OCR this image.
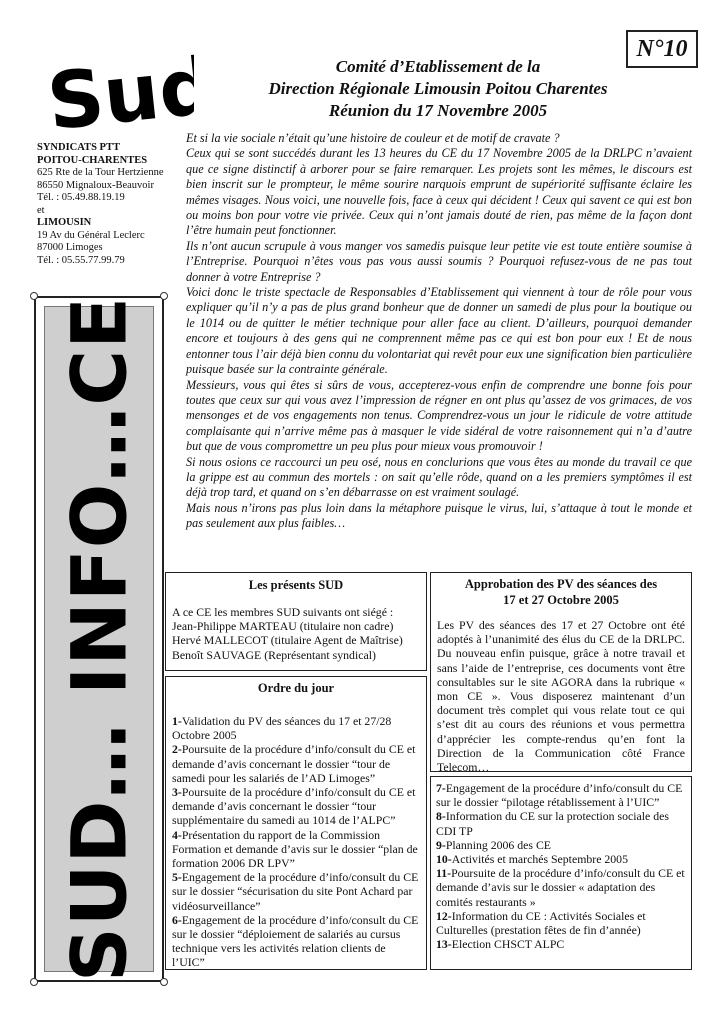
Sud	N°10
Comité d’Etablissement de la
Direction Régionale Limousin Poitou Charentes
Réunion du 17 Novembre 2005
SYNDICATS PTT
POITOU-CHARENTES
625 Rte de la Tour Hertzienne
86550 Mignaloux-Beauvoir
Tél. : 05.49.88.19.19
et
LIMOUSIN
19 Av du Général Leclerc
87000 Limoges
Tél. : 05.55.77.99.79
SUD… INFO…CE

Et si la vie sociale n’était qu’une histoire de couleur et de motif de cravate ?

Ceux qui se sont succédés durant les 13 heures du CE du 17 Novembre 2005 de la DRLPC n’avaient que ce signe distinctif à arborer pour se faire remarquer. Les projets sont les mêmes, le discours est bien inscrit sur le prompteur, le même sourire narquois emprunt de supériorité suffisante éclaire les mêmes visages. Nous voici, une nouvelle fois, face à ceux qui décident ! Ceux qui savent ce qui est bon ou moins bon pour votre vie privée. Ceux qui n’ont jamais douté de rien, pas même de la façon dont l’être humain peut fonctionner.

Ils n’ont aucun scrupule à vous manger vos samedis puisque leur petite vie est toute entière soumise à l’Entreprise. Pourquoi n’êtes vous pas vous aussi soumis ? Pourquoi refusez-vous de ne pas tout donner à votre Entreprise ?

Voici donc le triste spectacle de Responsables d’Etablissement qui viennent à tour de rôle pour vous expliquer qu’il n’y a pas de plus grand bonheur que de donner un samedi de plus pour la boutique ou le 1014 ou de quitter le métier technique pour aller face au client. D’ailleurs, pourquoi demander encore et toujours à des gens qui ne comprennent même pas ce qui est bon pour eux ! Et de nous entonner tous l’air déjà bien connu du volontariat qui revêt pour eux une signification bien particulière puisque basée sur la contrainte générale.

Messieurs, vous qui êtes si sûrs de vous, accepterez-vous enfin de comprendre une bonne fois pour toutes que ceux sur qui vous avez l’impression de régner en ont plus qu’assez de vos grimaces, de vos mensonges et de vos engagements non tenus. Comprendrez-vous un jour le ridicule de votre attitude complaisante qui n’arrive même pas à masquer le vide sidéral de votre raisonnement qui n’a d’autre but que de vous compromettre un peu plus pour mieux vous promouvoir !

Si nous osions ce raccourci un peu osé, nous en conclurions que vous êtes au monde du travail ce que la grippe est au commun des mortels : on sait qu’elle rôde, quand on a les premiers symptômes il est déjà trop tard, et quand on s’en débarrasse on est vraiment soulagé.

Mais nous n’irons pas plus loin dans la métaphore puisque le virus, lui, s’attaque à tout le monde et pas seulement aux plus faibles…

Les présents SUD
A ce CE les membres SUD suivants ont siégé :
Jean-Philippe MARTEAU (titulaire non cadre)
Hervé MALLECOT (titulaire Agent de Maîtrise)
Benoît SAUVAGE (Représentant syndical)
Ordre du jour

1-Validation du PV des séances du 17 et 27/28 Octobre 2005

2-Poursuite de la procédure d’info/consult du CE et demande d’avis concernant le dossier “tour de samedi pour les salariés de l’AD Limoges”

3-Poursuite de la procédure d’info/consult du CE et demande d’avis concernant le dossier “tour supplémentaire du samedi au 1014 de l’ALPC”

4-Présentation du rapport de la Commission Formation et demande d’avis sur le dossier “plan de formation 2006 DR LPV”

5-Engagement de la procédure d’info/consult du CE sur le dossier “sécurisation du site Pont Achard par vidéosurveillance”

6-Engagement de la procédure d’info/consult du CE sur le dossier “déploiement de salariés au cursus technique vers les activités relation clients de l’UIC”

Approbation des PV des séances des
17 et 27 Octobre 2005
Les PV des séances des 17 et 27 Octobre ont été adoptés à l’unanimité des élus du CE de la DRLPC. Du nouveau enfin puisque, grâce à notre travail et sans l’aide de l’entreprise, ces documents vont être consultables sur le site AGORA dans la rubrique « mon CE ». Vous disposerez maintenant d’un document très complet qui vous relate tout ce qui s’est dit au cours des réunions et vous permettra d’apprécier les compte-rendus qu’en font la Direction de la Communication côté France Telecom…

7-Engagement de la procédure d’info/consult du CE sur le dossier “pilotage rétablissement à l’UIC”

8-Information du CE sur la protection sociale des CDI TP

9-Planning 2006 des CE

10-Activités et marchés Septembre 2005

11-Poursuite de la procédure d’info/consult du CE et demande d’avis sur le dossier « adaptation des comités restaurants »

12-Information du CE : Activités Sociales et Culturelles (prestation fêtes de fin d’année)

13-Election CHSCT ALPC
